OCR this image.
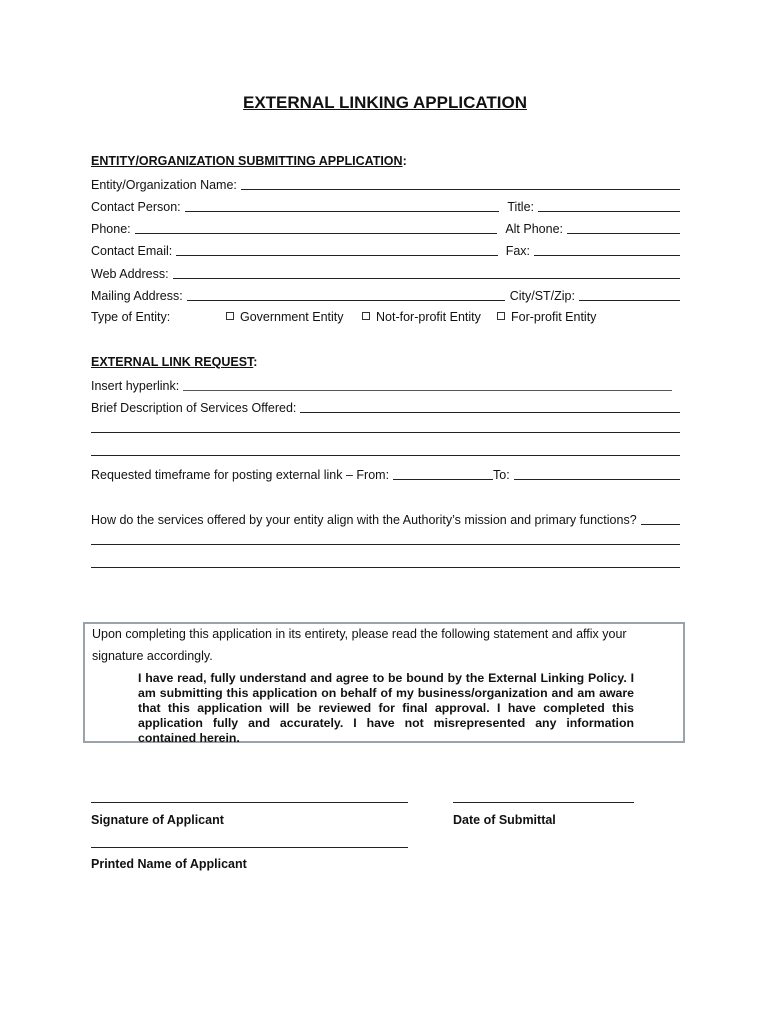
EXTERNAL LINKING APPLICATION
ENTITY/ORGANIZATION SUBMITTING APPLICATION:
Entity/Organization Name:
Contact Person:	Title:
Phone:	Alt Phone:
Contact Email:	Fax:
Web Address:
Mailing Address:	City/ST/Zip:
Type of Entity:	Government Entity	Not-for-profit Entity	For-profit Entity
EXTERNAL LINK REQUEST:
Insert hyperlink:
Brief Description of Services Offered:
Requested timeframe for posting external link – From:	To:
How do the services offered by your entity align with the Authority’s mission and primary functions?
Upon completing this application in its entirety, please read the following statement and affix your
signature accordingly.
I have read, fully understand and agree to be bound by the External Linking Policy. I am submitting this application on behalf of my business/organization and am aware that this application will be reviewed for final approval. I have completed this application fully and accurately. I have not misrepresented any information contained herein.
Signature of Applicant	Date of Submittal
Printed Name of Applicant
